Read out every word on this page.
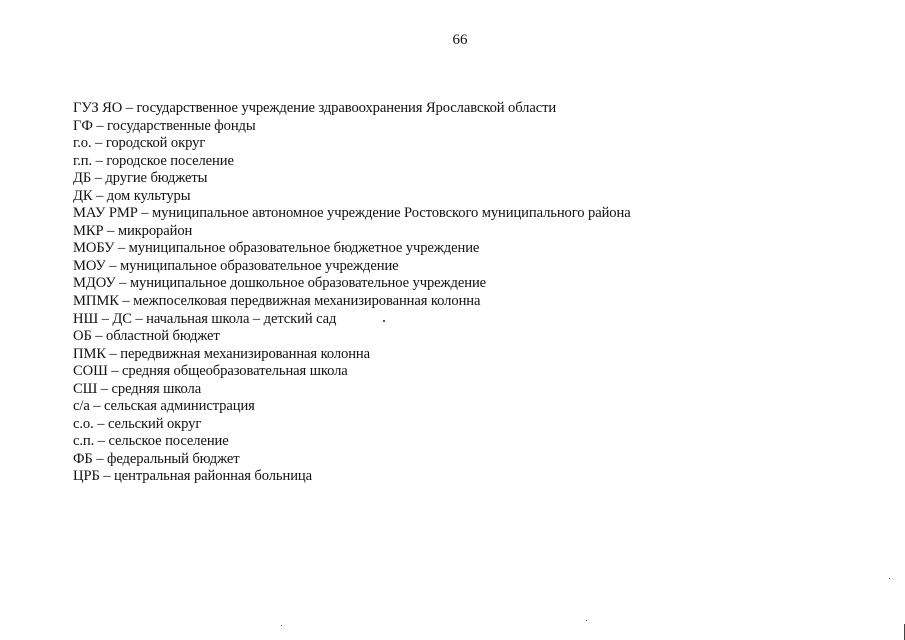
66
ГУЗ ЯО – государственное учреждение здравоохранения Ярославской области
ГФ – государственные фонды
г.о. – городской округ
г.п. – городское поселение
ДБ – другие бюджеты
ДК – дом культуры
МАУ РМР – муниципальное автономное учреждение Ростовского муниципального района
МКР – микрорайон
МОБУ – муниципальное образовательное бюджетное учреждение
МОУ – муниципальное образовательное учреждение
МДОУ – муниципальное дошкольное образовательное учреждение
МПМК – межпоселковая передвижная механизированная колонна
НШ – ДС – начальная школа – детский сад
ОБ – областной бюджет
ПМК – передвижная механизированная колонна
СОШ – средняя общеобразовательная школа
СШ – средняя школа
с/а – сельская администрация
с.о. – сельский округ
с.п. – сельское поселение
ФБ – федеральный бюджет
ЦРБ – центральная районная больница
